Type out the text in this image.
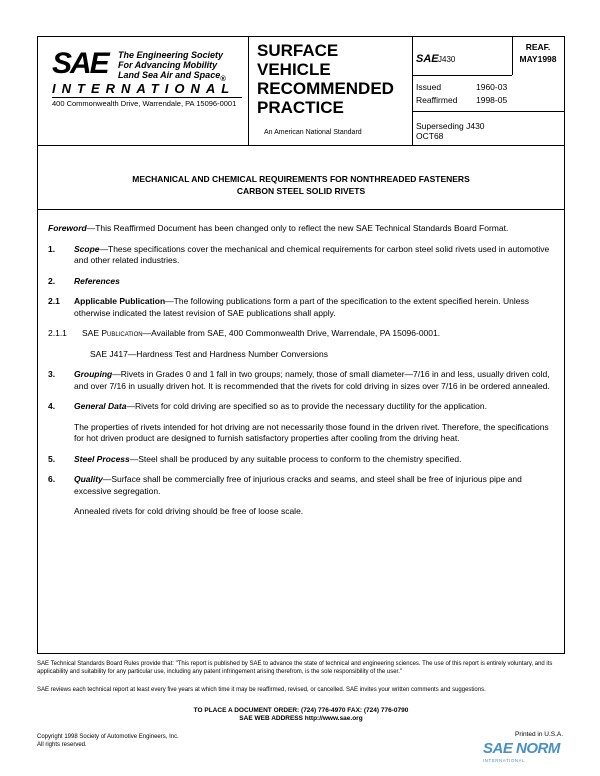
SAE The Engineering Society
For Advancing Mobility
Land Sea Air and Space$_®$
INTERNATIONAL
400 Commonwealth Drive, Warrendale, PA 15096-0001
SURFACE
VEHICLE
RECOMMENDED
PRACTICE
An American National Standard
SAE J430
Issued	1960-03
Reaffirmed 1998-05
Superseding J430 OCT68
REAF.
MAY1998
MECHANICAL AND CHEMICAL REQUIREMENTS FOR NONTHREADED FASTENERS
CARBON STEEL SOLID RIVETS
Foreword—This Reaffirmed Document has been changed only to reflect the new SAE Technical Standards Board Format.
1.	Scope—These specifications cover the mechanical and chemical requirements for carbon steel solid rivets used in automotive and other related industries.
2.	References
2.1	Applicable Publication—The following publications form a part of the specification to the extent specified herein. Unless otherwise indicated the latest revision of SAE publications shall apply.
2.1.1	SAE Publication—Available from SAE, 400 Commonwealth Drive, Warrendale, PA 15096-0001.
SAE J417—Hardness Test and Hardness Number Conversions
3.	Grouping—Rivets in Grades 0 and 1 fall in two groups; namely, those of small diameter—7/16 in and less, usually driven cold, and over 7/16 in usually driven hot. It is recommended that the rivets for cold driving in sizes over 7/16 in be ordered annealed.
4.	General Data—Rivets for cold driving are specified so as to provide the necessary ductility for the application.
The properties of rivets intended for hot driving are not necessarily those found in the driven rivet. Therefore, the specifications for hot driven product are designed to furnish satisfactory properties after cooling from the driving heat.
5.	Steel Process—Steel shall be produced by any suitable process to conform to the chemistry specified.
6.	Quality—Surface shall be commercially free of injurious cracks and seams, and steel shall be free of injurious pipe and excessive segregation.
Annealed rivets for cold driving should be free of loose scale.
SAE Technical Standards Board Rules provide that: "This report is published by SAE to advance the state of technical and engineering sciences. The use of this report is entirely voluntary, and its applicability and suitability for any particular use, including any patent infringement arising therefrom, is the sole responsibility of the user."
SAE reviews each technical report at least every five years at which time it may be reaffirmed, revised, or cancelled. SAE invites your written comments and suggestions.
TO PLACE A DOCUMENT ORDER: (724) 776-4970 FAX: (724) 776-0790
SAE WEB ADDRESS http://www.sae.org
Copyright 1998 Society of Automotive Engineers, Inc.
All rights reserved.
Printed in U.S.A.
SAE NORM
INTERNATIONAL
